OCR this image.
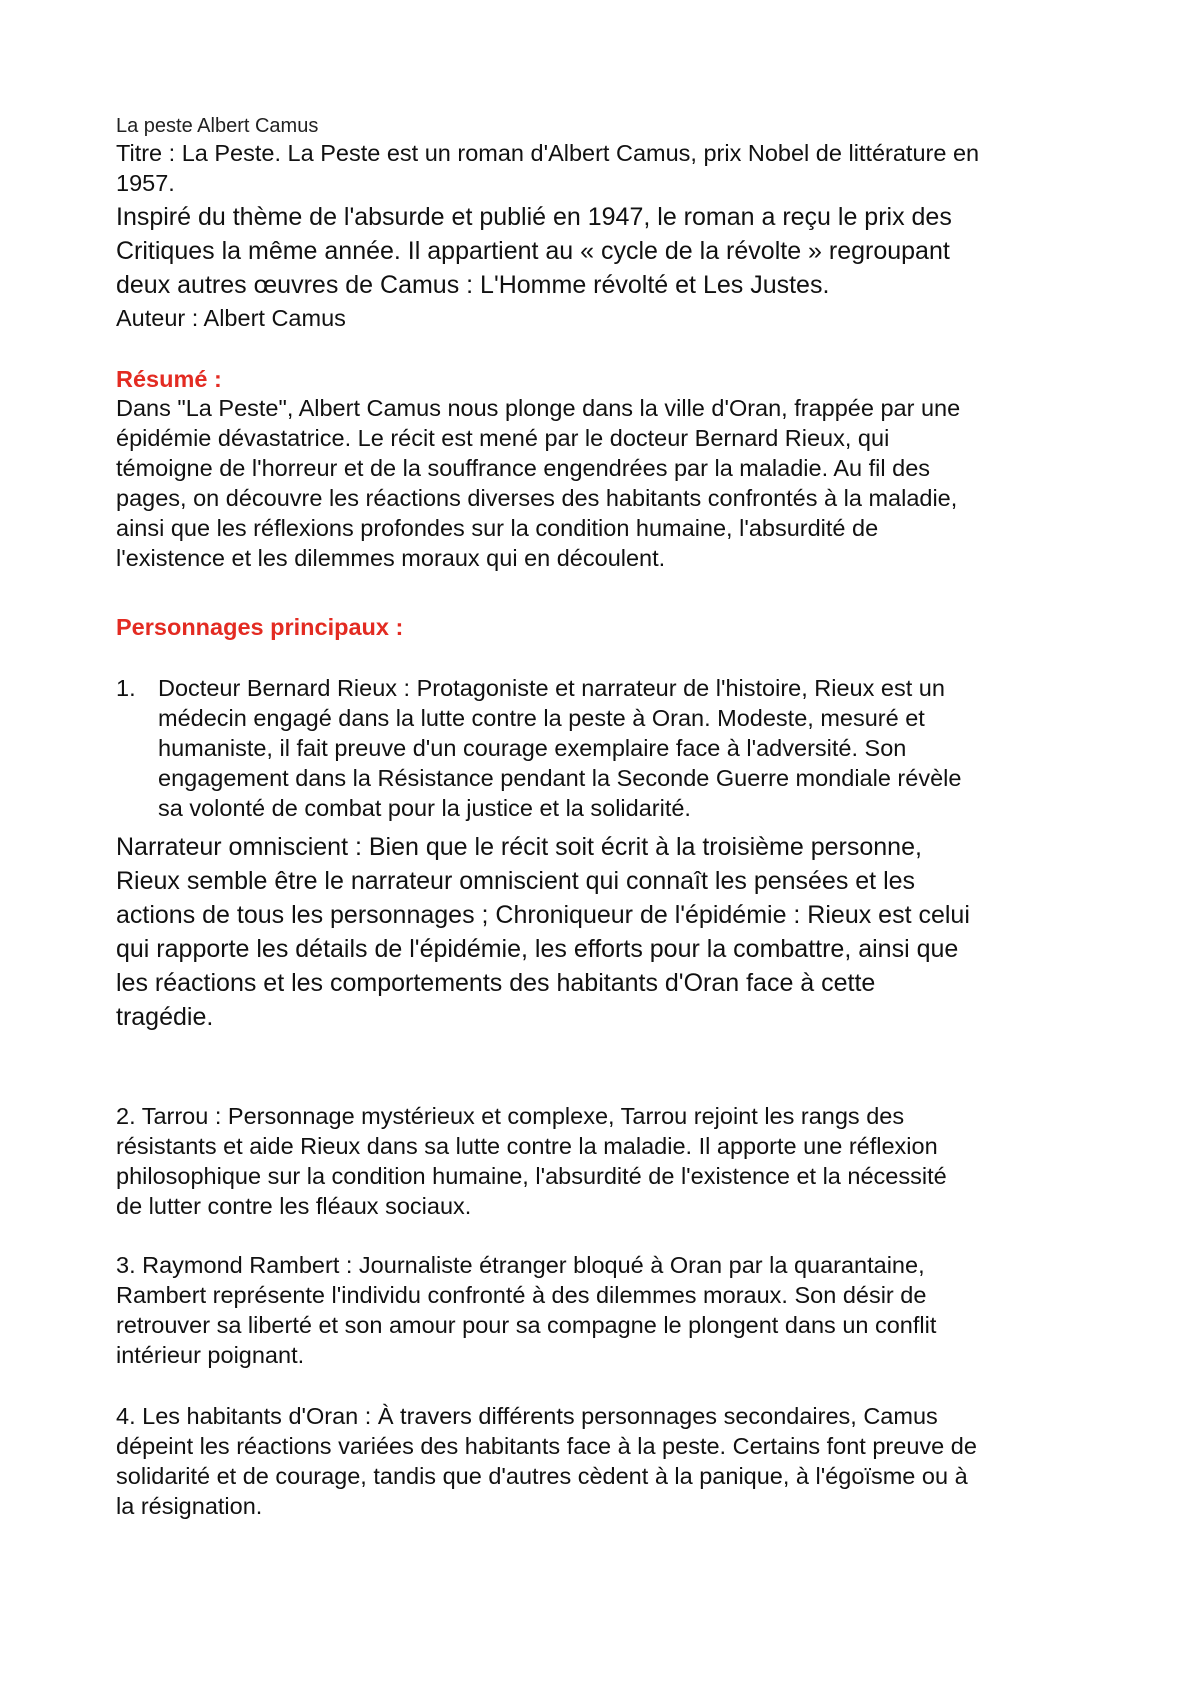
La peste Albert Camus

Titre : La Peste. La Peste est un roman d'Albert Camus, prix Nobel de littérature en
1957.

Inspiré du thème de l'absurde et publié en 1947, le roman a reçu le prix des
Critiques la même année. Il appartient au « cycle de la révolte » regroupant
deux autres œuvres de Camus : L'Homme révolté et Les Justes.

Auteur : Albert Camus

Résumé :

Dans "La Peste", Albert Camus nous plonge dans la ville d'Oran, frappée par une
épidémie dévastatrice. Le récit est mené par le docteur Bernard Rieux, qui
témoigne de l'horreur et de la souffrance engendrées par la maladie. Au fil des
pages, on découvre les réactions diverses des habitants confrontés à la maladie,
ainsi que les réflexions profondes sur la condition humaine, l'absurdité de
l'existence et les dilemmes moraux qui en découlent.

Personnages principaux :

1. Docteur Bernard Rieux : Protagoniste et narrateur de l'histoire, Rieux est un
médecin engagé dans la lutte contre la peste à Oran. Modeste, mesuré et
humaniste, il fait preuve d'un courage exemplaire face à l'adversité. Son
engagement dans la Résistance pendant la Seconde Guerre mondiale révèle
sa volonté de combat pour la justice et la solidarité.

Narrateur omniscient : Bien que le récit soit écrit à la troisième personne,
Rieux semble être le narrateur omniscient qui connaît les pensées et les
actions de tous les personnages ; Chroniqueur de l'épidémie : Rieux est celui
qui rapporte les détails de l'épidémie, les efforts pour la combattre, ainsi que
les réactions et les comportements des habitants d'Oran face à cette
tragédie.

2. Tarrou : Personnage mystérieux et complexe, Tarrou rejoint les rangs des
résistants et aide Rieux dans sa lutte contre la maladie. Il apporte une réflexion
philosophique sur la condition humaine, l'absurdité de l'existence et la nécessité
de lutter contre les fléaux sociaux.

3. Raymond Rambert : Journaliste étranger bloqué à Oran par la quarantaine,
Rambert représente l'individu confronté à des dilemmes moraux. Son désir de
retrouver sa liberté et son amour pour sa compagne le plongent dans un conflit
intérieur poignant.

4. Les habitants d'Oran : À travers différents personnages secondaires, Camus
dépeint les réactions variées des habitants face à la peste. Certains font preuve de
solidarité et de courage, tandis que d'autres cèdent à la panique, à l'égoïsme ou à
la résignation.
